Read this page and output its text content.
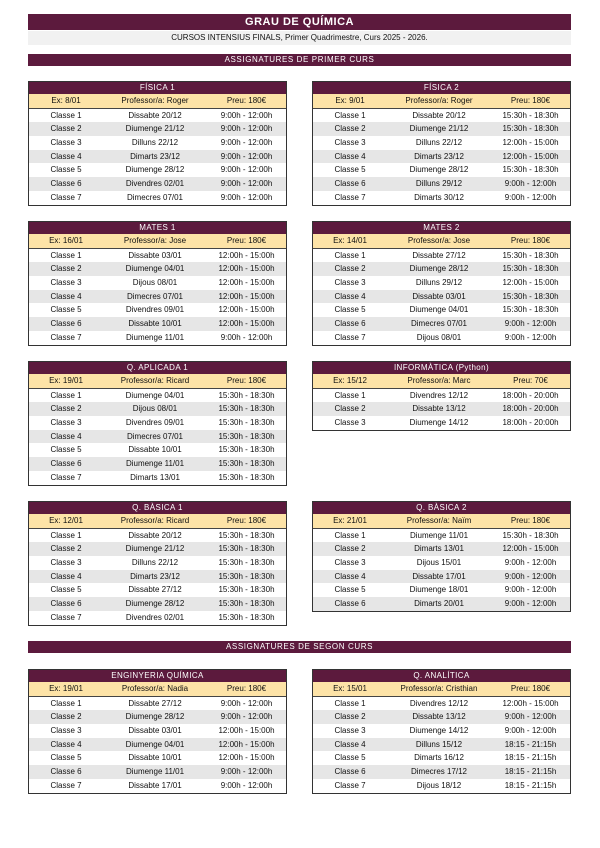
GRAU DE QUÍMICA
CURSOS INTENSIUS FINALS, Primer Quadrimestre, Curs 2025 - 2026.
ASSIGNATURES DE PRIMER CURS
ASSIGNATURES DE SEGON CURS
FÍSICA 1
Ex: 8/01	Professor/a: Roger	Preu: 180€
Classe 1	Dissabte 20/12	9:00h - 12:00h
Classe 2	Diumenge 21/12	9:00h - 12:00h
Classe 3	Dilluns 22/12	9:00h - 12:00h
Classe 4	Dimarts 23/12	9:00h - 12:00h
Classe 5	Diumenge 28/12	9:00h - 12:00h
Classe 6	Divendres 02/01	9:00h - 12:00h
Classe 7	Dimecres 07/01	9:00h - 12:00h
FÍSICA 2
Ex: 9/01	Professor/a: Roger	Preu: 180€
Classe 1	Dissabte 20/12	15:30h - 18:30h
Classe 2	Diumenge 21/12	15:30h - 18:30h
Classe 3	Dilluns 22/12	12:00h - 15:00h
Classe 4	Dimarts 23/12	12:00h - 15:00h
Classe 5	Diumenge 28/12	15:30h - 18:30h
Classe 6	Dilluns 29/12	9:00h - 12:00h
Classe 7	Dimarts 30/12	9:00h - 12:00h
MATES 1
Ex: 16/01	Professor/a: Jose	Preu: 180€
Classe 1	Dissabte 03/01	12:00h - 15:00h
Classe 2	Diumenge 04/01	12:00h - 15:00h
Classe 3	Dijous 08/01	12:00h - 15:00h
Classe 4	Dimecres 07/01	12:00h - 15:00h
Classe 5	Divendres 09/01	12:00h - 15:00h
Classe 6	Dissabte 10/01	12:00h - 15:00h
Classe 7	Diumenge 11/01	9:00h - 12:00h
MATES 2
Ex: 14/01	Professor/a: Jose	Preu: 180€
Classe 1	Dissabte 27/12	15:30h - 18:30h
Classe 2	Diumenge 28/12	15:30h - 18:30h
Classe 3	Dilluns 29/12	12:00h - 15:00h
Classe 4	Dissabte 03/01	15:30h - 18:30h
Classe 5	Diumenge 04/01	15:30h - 18:30h
Classe 6	Dimecres 07/01	9:00h - 12:00h
Classe 7	Dijous 08/01	9:00h - 12:00h
Q. APLICADA 1
Ex: 19/01	Professor/a: Ricard	Preu: 180€
Classe 1	Diumenge 04/01	15:30h - 18:30h
Classe 2	Dijous 08/01	15:30h - 18:30h
Classe 3	Divendres 09/01	15:30h - 18:30h
Classe 4	Dimecres 07/01	15:30h - 18:30h
Classe 5	Dissabte 10/01	15:30h - 18:30h
Classe 6	Diumenge 11/01	15:30h - 18:30h
Classe 7	Dimarts 13/01	15:30h - 18:30h
INFORMÀTICA (Python)
Ex: 15/12	Professor/a: Marc	Preu: 70€
Classe 1	Divendres 12/12	18:00h - 20:00h
Classe 2	Dissabte 13/12	18:00h - 20:00h
Classe 3	Diumenge 14/12	18:00h - 20:00h
Q. BÀSICA 1
Ex: 12/01	Professor/a: Ricard	Preu: 180€
Classe 1	Dissabte 20/12	15:30h - 18:30h
Classe 2	Diumenge 21/12	15:30h - 18:30h
Classe 3	Dilluns 22/12	15:30h - 18:30h
Classe 4	Dimarts 23/12	15:30h - 18:30h
Classe 5	Dissabte 27/12	15:30h - 18:30h
Classe 6	Diumenge 28/12	15:30h - 18:30h
Classe 7	Divendres 02/01	15:30h - 18:30h
Q. BÀSICA 2
Ex: 21/01	Professor/a: Naïm	Preu: 180€
Classe 1	Diumenge 11/01	15:30h - 18:30h
Classe 2	Dimarts 13/01	12:00h - 15:00h
Classe 3	Dijous 15/01	9:00h - 12:00h
Classe 4	Dissabte 17/01	9:00h - 12:00h
Classe 5	Diumenge 18/01	9:00h - 12:00h
Classe 6	Dimarts 20/01	9:00h - 12:00h
ENGINYERIA QUÍMICA
Ex: 19/01	Professor/a: Nadia	Preu: 180€
Classe 1	Dissabte 27/12	9:00h - 12:00h
Classe 2	Diumenge 28/12	9:00h - 12:00h
Classe 3	Dissabte 03/01	12:00h - 15:00h
Classe 4	Diumenge 04/01	12:00h - 15:00h
Classe 5	Dissabte 10/01	12:00h - 15:00h
Classe 6	Diumenge 11/01	9:00h - 12:00h
Classe 7	Dissabte 17/01	9:00h - 12:00h
Q. ANALÍTICA
Ex: 15/01	Professor/a: Cristhian	Preu: 180€
Classe 1	Divendres 12/12	12:00h - 15:00h
Classe 2	Dissabte 13/12	9:00h - 12:00h
Classe 3	Diumenge 14/12	9:00h - 12:00h
Classe 4	Dilluns 15/12	18:15 - 21:15h
Classe 5	Dimarts 16/12	18:15 - 21:15h
Classe 6	Dimecres 17/12	18:15 - 21:15h
Classe 7	Dijous 18/12	18:15 - 21:15h
